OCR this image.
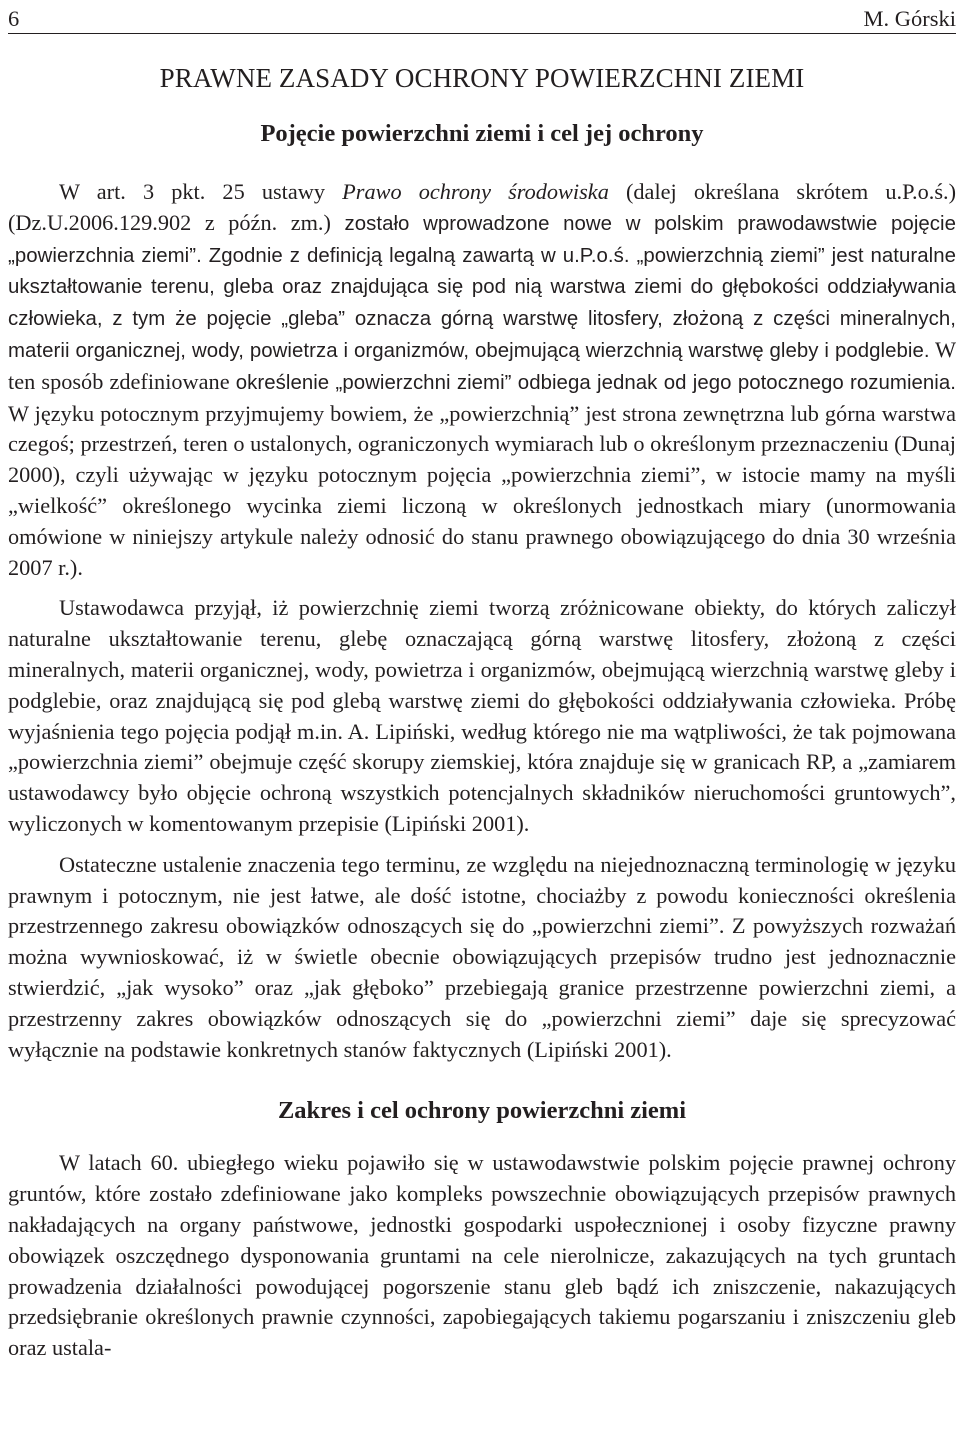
6	M. Górski
PRAWNE ZASADY OCHRONY POWIERZCHNI ZIEMI
Pojęcie powierzchni ziemi i cel jej ochrony

W art. 3 pkt. 25 ustawy Prawo ochrony środowiska (dalej określana skrótem u.P.o.ś.) (Dz.U.2006.129.902 z późn. zm.) zostało wprowadzone nowe w polskim prawodawstwie pojęcie „powierzchnia ziemi”. Zgodnie z definicją legalną zawartą w u.P.o.ś. „powierzchnią ziemi” jest naturalne ukształtowanie terenu, gleba oraz znajdująca się pod nią warstwa ziemi do głębokości oddziaływania człowieka, z tym że pojęcie „gleba” oznacza górną warstwę litosfery, złożoną z części mineralnych, materii organicznej, wody, powietrza i organizmów, obejmującą wierzchnią warstwę gleby i podglebie. W ten sposób zdefiniowane określenie „powierzchni ziemi” odbiega jednak od jego potocznego rozumienia. W języku potocznym przyjmujemy bowiem, że „powierzchnią” jest strona zewnętrzna lub górna warstwa czegoś; przestrzeń, teren o ustalonych, ograniczonych wymiarach lub o określonym przeznaczeniu (Dunaj 2000), czyli używając w języku potocznym pojęcia „powierzchnia ziemi”, w istocie mamy na myśli „wielkość” określonego wycinka ziemi liczoną w określonych jednostkach miary (unormowania omówione w niniejszy artykule należy odnosić do stanu prawnego obowiązującego do dnia 30 września 2007 r.).

Ustawodawca przyjął, iż powierzchnię ziemi tworzą zróżnicowane obiekty, do których zaliczył naturalne ukształtowanie terenu, glebę oznaczającą górną warstwę litosfery, złożoną z części mineralnych, materii organicznej, wody, powietrza i organizmów, obejmującą wierzchnią warstwę gleby i podglebie, oraz znajdującą się pod glebą warstwę ziemi do głębokości oddziaływania człowieka. Próbę wyjaśnienia tego pojęcia podjął m.in. A. Lipiński, według którego nie ma wątpliwości, że tak pojmowana „powierzchnia ziemi” obejmuje część skorupy ziemskiej, która znajduje się w granicach RP, a „zamiarem ustawodawcy było objęcie ochroną wszystkich potencjalnych składników nieruchomości gruntowych”, wyliczonych w komentowanym przepisie (Lipiński 2001).

Ostateczne ustalenie znaczenia tego terminu, ze względu na niejednoznaczną terminologię w języku prawnym i potocznym, nie jest łatwe, ale dość istotne, chociażby z powodu konieczności określenia przestrzennego zakresu obowiązków odnoszących się do „powierzchni ziemi”. Z powyższych rozważań można wywnioskować, iż w świetle obecnie obowiązujących przepisów trudno jest jednoznacznie stwierdzić, „jak wysoko” oraz „jak głęboko” przebiegają granice przestrzenne powierzchni ziemi, a przestrzenny zakres obowiązków odnoszących się do „powierzchni ziemi” daje się sprecyzować wyłącznie na podstawie konkretnych stanów faktycznych (Lipiński 2001).

Zakres i cel ochrony powierzchni ziemi

W latach 60. ubiegłego wieku pojawiło się w ustawodawstwie polskim pojęcie prawnej ochrony gruntów, które zostało zdefiniowane jako kompleks powszechnie obowiązujących przepisów prawnych nakładających na organy państwowe, jednostki gospodarki uspołecznionej i osoby fizyczne prawny obowiązek oszczędnego dysponowania gruntami na cele nierolnicze, zakazujących na tych gruntach prowadzenia działalności powodującej pogorszenie stanu gleb bądź ich zniszczenie, nakazujących przedsiębranie określonych prawnie czynności, zapobiegających takiemu pogarszaniu i zniszczeniu gleb oraz ustala-
